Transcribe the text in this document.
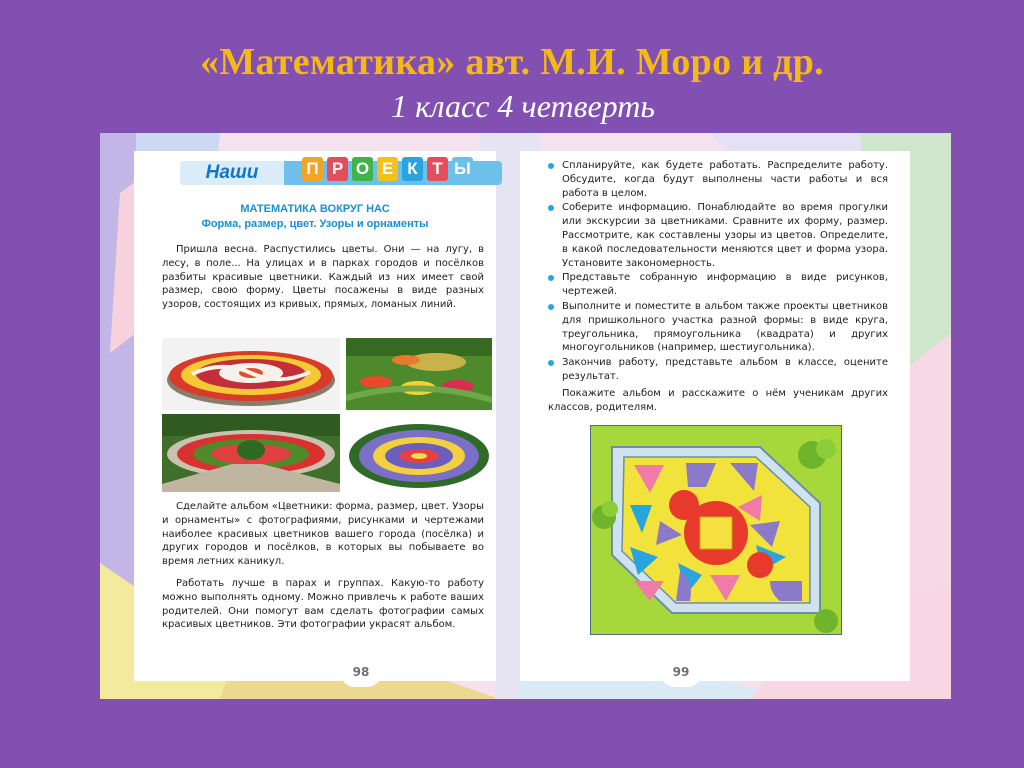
«Математика» авт. М.И. Моро и др.
1 класс 4 четверть
Наши	П Р О Е К Т Ы
МАТЕМАТИКА ВОКРУГ НАС
Форма, размер, цвет. Узоры и орнаменты

Пришла весна. Распустились цветы. Они — на лугу, в лесу, в поле... На улицах и в парках городов и посёлков разбиты красивые цветники. Каждый из них имеет свой размер, свою форму. Цветы посажены в виде разных узоров, состоящих из кривых, прямых, ломаных линий.

Сделайте альбом «Цветники: форма, размер, цвет. Узоры и орнаменты» с фотографиями, рисунками и чертежами наиболее красивых цветников вашего города (посёлка) и других городов и посёлков, в которых вы побываете во время летних каникул.

Работать лучше в парах и группах. Какую-то работу можно выполнять одному. Можно привлечь к работе ваших родителей. Они помогут вам сделать фотографии самых красивых цветников. Эти фотографии украсят альбом.

98
Спланируйте, как будете работать. Распределите работу. Обсудите, когда будут выполнены части работы и вся работа в целом.
Соберите информацию. Понаблюдайте во время прогулки или экскурсии за цветниками. Сравните их форму, размер. Рассмотрите, как составлены узоры из цветов. Определите, в какой последовательности меняются цвет и форма узора. Установите закономерность.
Представьте собранную информацию в виде рисунков, чертежей.
Выполните и поместите в альбом также проекты цветников для пришкольного участка разной формы: в виде круга, треугольника, прямоугольника (квадрата) и других многоугольников (например, шестиугольника).
Закончив работу, представьте альбом в классе, оцените результат.

Покажите альбом и расскажите о нём ученикам других классов, родителям.

99
